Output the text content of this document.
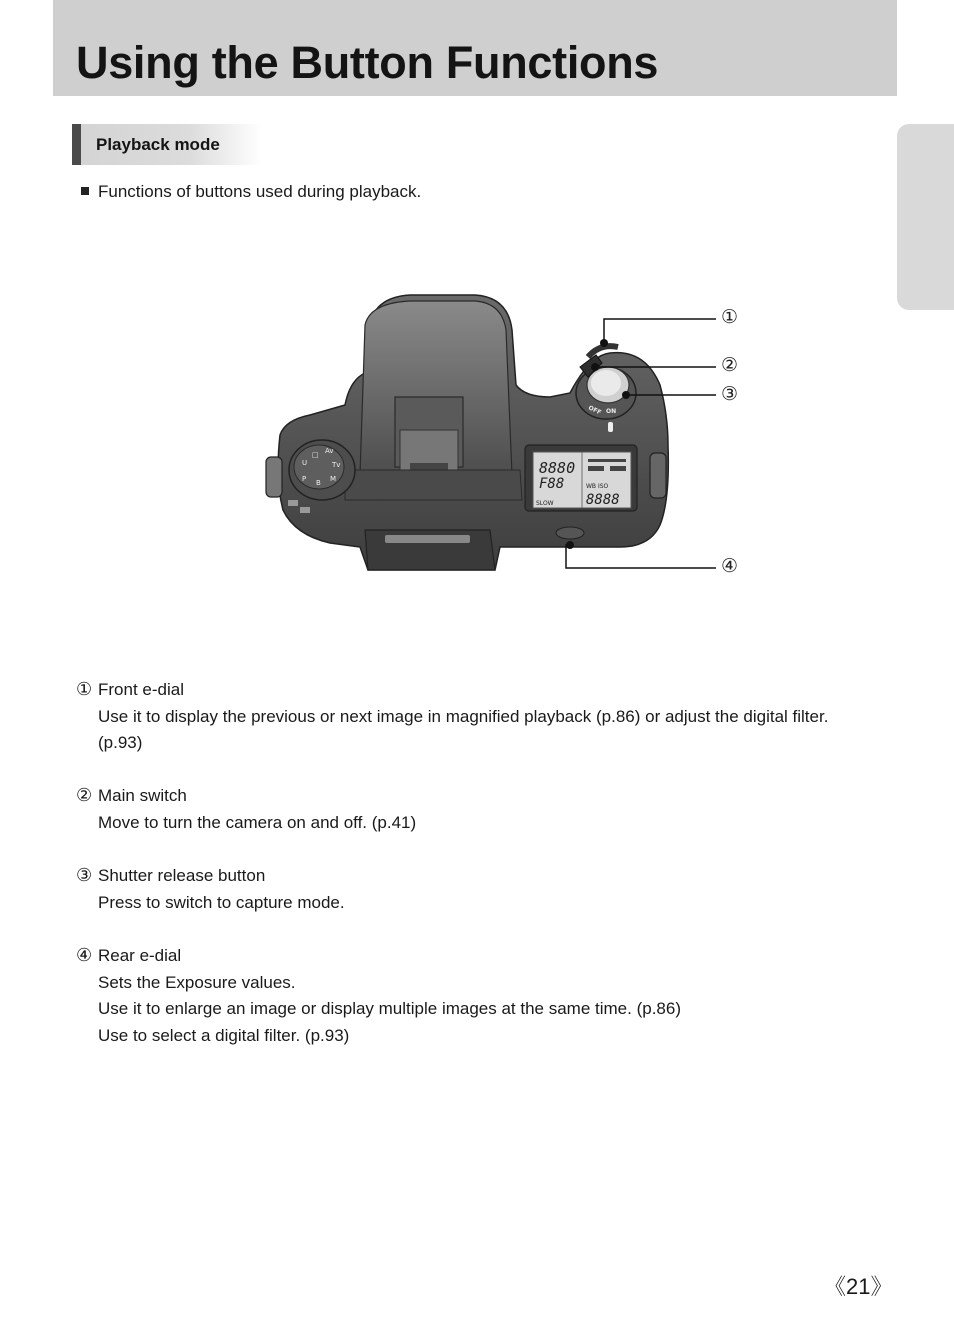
Using the Button Functions
Playback mode
Functions of buttons used during playback.
U
□ Av
Tv
M
B
P
8880
F88
SLOW
WB ISO
8888
OFF ON
①
②
③
④
① Front e-dial
Use it to display the previous or next image in magnified playback (p.86) or adjust the digital filter.
(p.93)
② Main switch
Move to turn the camera on and off. (p.41)
③ Shutter release button
Press to switch to capture mode.
④ Rear e-dial
Sets the Exposure values.
Use it to enlarge an image or display multiple images at the same time. (p.86)
Use to select a digital filter. (p.93)
《21》
